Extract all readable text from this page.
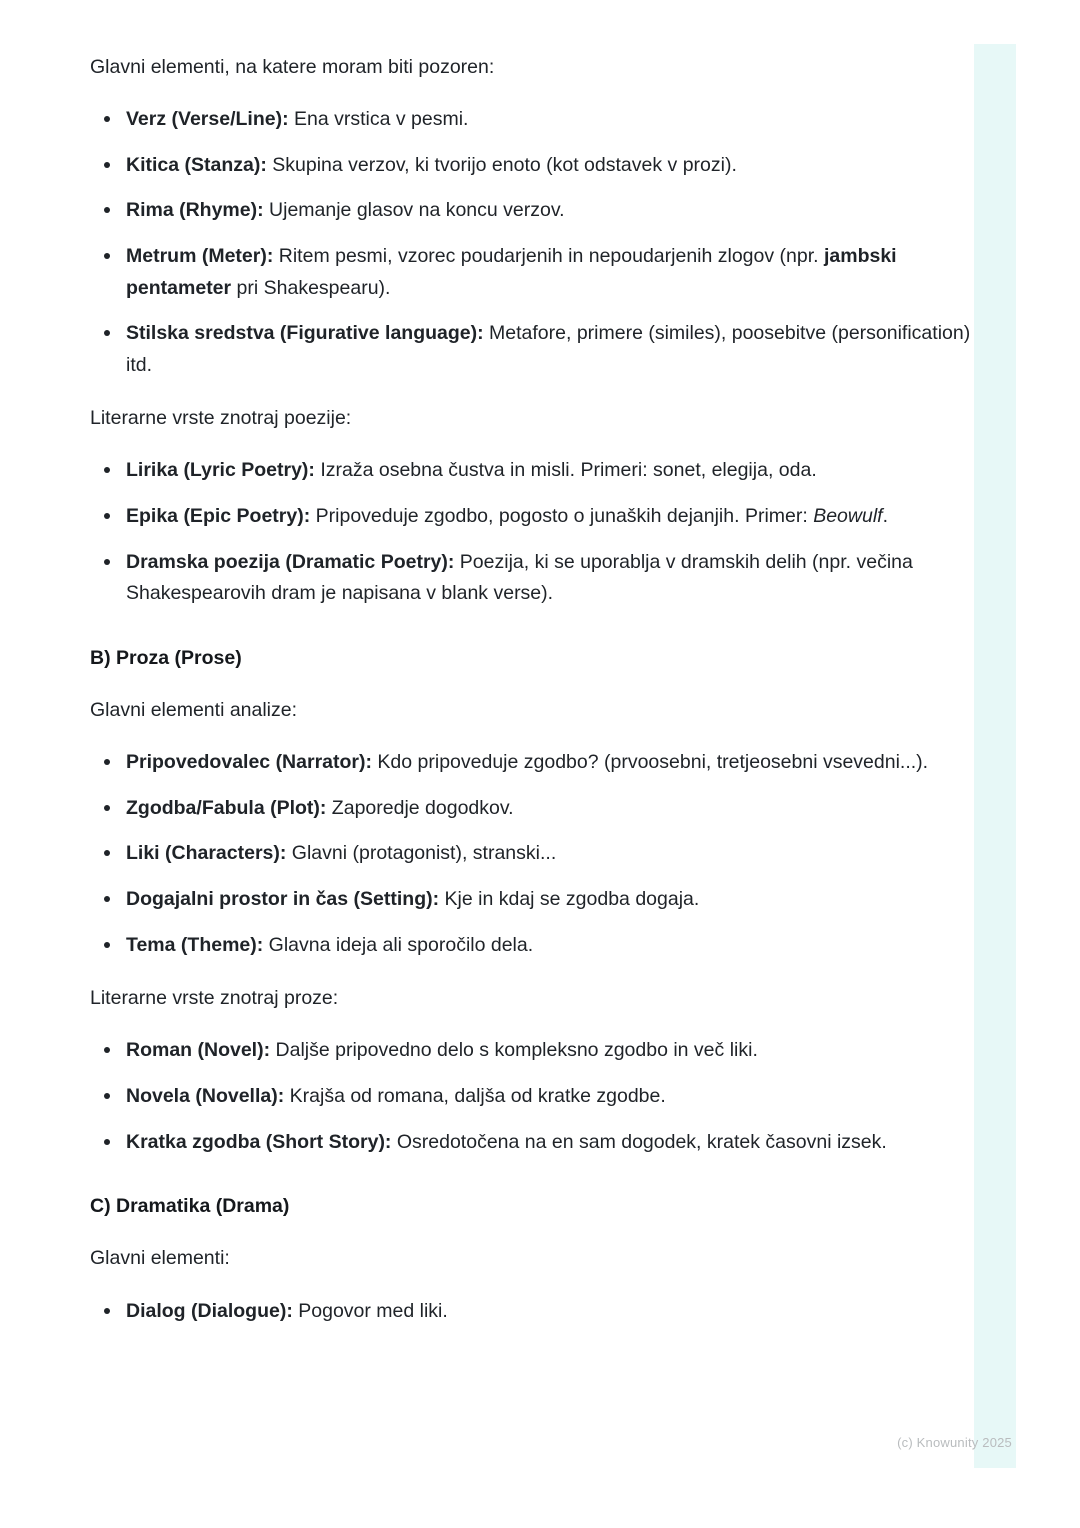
Glavni elementi, na katere moram biti pozoren:

Verz (Verse/Line): Ena vrstica v pesmi.
Kitica (Stanza): Skupina verzov, ki tvorijo enoto (kot odstavek v prozi).
Rima (Rhyme): Ujemanje glasov na koncu verzov.
Metrum (Meter): Ritem pesmi, vzorec poudarjenih in nepoudarjenih zlogov (npr. jambski pentameter pri Shakespearu).
Stilska sredstva (Figurative language): Metafore, primere (similes), poosebitve (personification) itd.

Literarne vrste znotraj poezije:

Lirika (Lyric Poetry): Izraža osebna čustva in misli. Primeri: sonet, elegija, oda.
Epika (Epic Poetry): Pripoveduje zgodbo, pogosto o junaških dejanjih. Primer: Beowulf.
Dramska poezija (Dramatic Poetry): Poezija, ki se uporablja v dramskih delih (npr. večina Shakespearovih dram je napisana v blank verse).
B) Proza (Prose)

Glavni elementi analize:

Pripovedovalec (Narrator): Kdo pripoveduje zgodbo? (prvoosebni, tretjeosebni vsevedni...).
Zgodba/Fabula (Plot): Zaporedje dogodkov.
Liki (Characters): Glavni (protagonist), stranski...
Dogajalni prostor in čas (Setting): Kje in kdaj se zgodba dogaja.
Tema (Theme): Glavna ideja ali sporočilo dela.

Literarne vrste znotraj proze:

Roman (Novel): Daljše pripovedno delo s kompleksno zgodbo in več liki.
Novela (Novella): Krajša od romana, daljša od kratke zgodbe.
Kratka zgodba (Short Story): Osredotočena na en sam dogodek, kratek časovni izsek.
C) Dramatika (Drama)

Glavni elementi:

Dialog (Dialogue): Pogovor med liki.
(c) Knowunity 2025
